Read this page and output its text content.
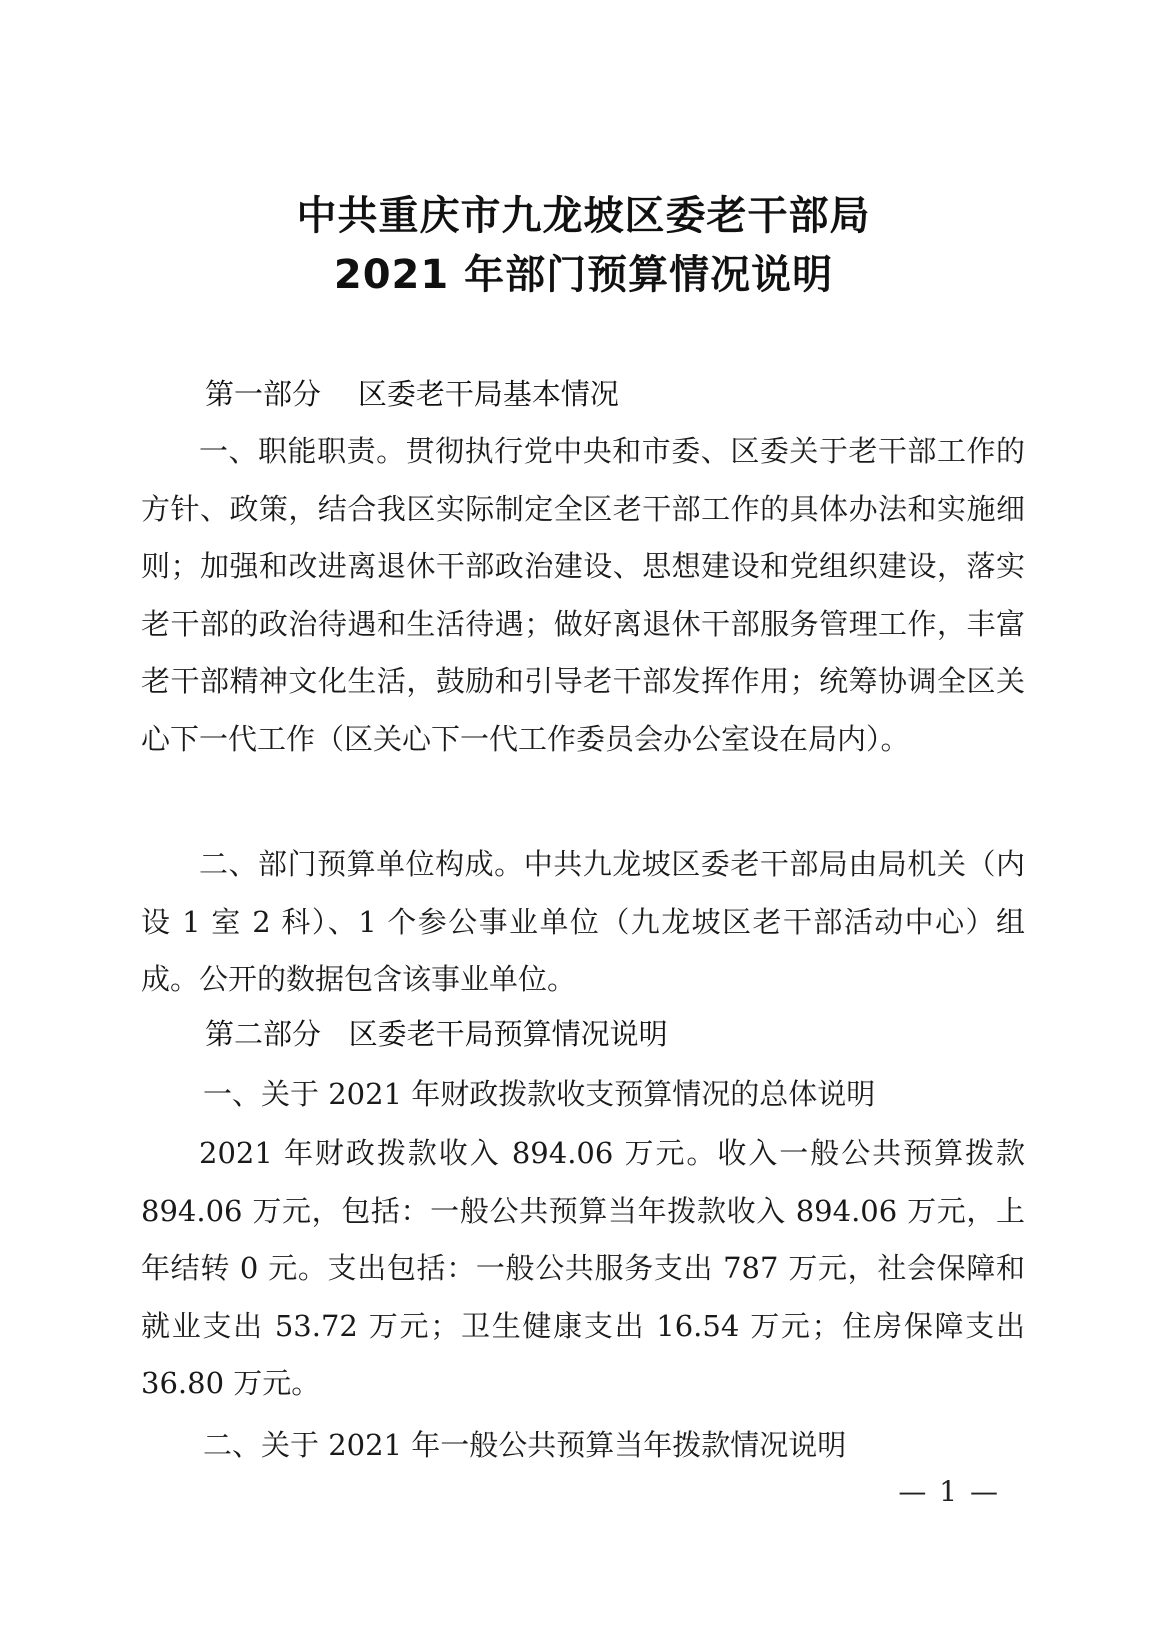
中共重庆市九龙坡区委老干部局
2021 年部门预算情况说明
第一部分    区委老干局基本情况

一、职能职责。贯彻执行党中央和市委、区委关于老干部工作的方针、政策，结合我区实际制定全区老干部工作的具体办法和实施细则；加强和改进离退休干部政治建设、思想建设和党组织建设，落实老干部的政治待遇和生活待遇；做好离退休干部服务管理工作，丰富老干部精神文化生活，鼓励和引导老干部发挥作用；统筹协调全区关心下一代工作（区关心下一代工作委员会办公室设在局内）。

二、部门预算单位构成。中共九龙坡区委老干部局由局机关（内设 1 室 2 科）、1 个参公事业单位（九龙坡区老干部活动中心）组成。公开的数据包含该事业单位。

第二部分   区委老干局预算情况说明
一、关于 2021 年财政拨款收支预算情况的总体说明

2021 年财政拨款收入 894.06 万元。收入一般公共预算拨款 894.06 万元，包括：一般公共预算当年拨款收入 894.06 万元，上年结转 0 元。支出包括：一般公共服务支出 787 万元，社会保障和就业支出 53.72 万元；卫生健康支出 16.54 万元；住房保障支出 36.80 万元。

二、关于 2021 年一般公共预算当年拨款情况说明
— 1 —
